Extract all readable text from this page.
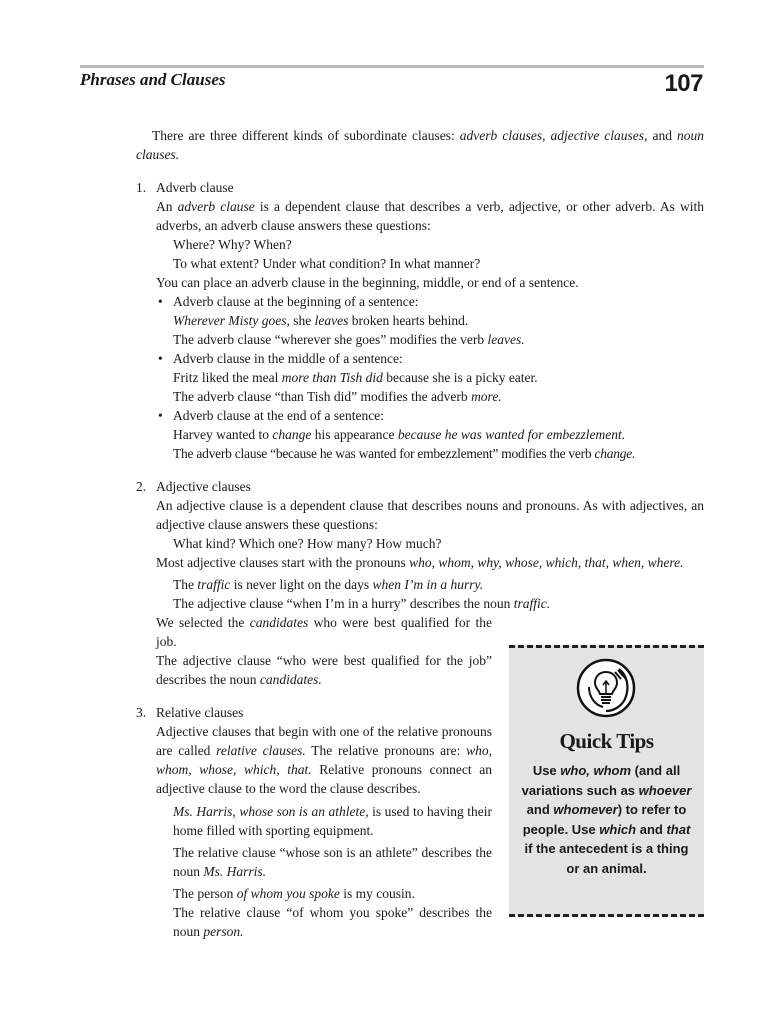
Phrases and Clauses	107

There are three different kinds of subordinate clauses: adverb clauses, adjective clauses, and noun clauses.

1. Adverb clause

An adverb clause is a dependent clause that describes a verb, adjective, or other adverb. As with adverbs, an adverb clause answers these questions:

Where? Why? When?

To what extent? Under what condition? In what manner?

You can place an adverb clause in the beginning, middle, or end of a sentence.

• Adverb clause at the beginning of a sentence:

Wherever Misty goes, she leaves broken hearts behind.

The adverb clause “wherever she goes” modifies the verb leaves.

• Adverb clause in the middle of a sentence:

Fritz liked the meal more than Tish did because she is a picky eater.

The adverb clause “than Tish did” modifies the adverb more.

• Adverb clause at the end of a sentence:

Harvey wanted to change his appearance because he was wanted for embezzlement.

The adverb clause “because he was wanted for embezzlement” modifies the verb change.

2. Adjective clauses

An adjective clause is a dependent clause that describes nouns and pronouns. As with adjectives, an adjective clause answers these questions:

What kind? Which one? How many? How much?

Most adjective clauses start with the pronouns who, whom, why, whose, which, that, when, where.

The traffic is never light on the days when I’m in a hurry.

The adjective clause “when I’m in a hurry” describes the noun traffic.

We selected the candidates who were best qualified for the job.

The adjective clause “who were best qualified for the job” describes the noun candidates.

3. Relative clauses

Adjective clauses that begin with one of the relative pronouns are called relative clauses. The relative pronouns are: who, whom, whose, which, that. Relative pronouns connect an adjective clause to the word the clause describes.

Ms. Harris, whose son is an athlete, is used to having their home filled with sporting equipment.

The relative clause “whose son is an athlete” describes the noun Ms. Harris.

The person of whom you spoke is my cousin.

The relative clause “of whom you spoke” describes the noun person.

Quick Tips
Use who, whom (and all variations such as whoever and whomever) to refer to people. Use which and that if the antecedent is a thing or an animal.
